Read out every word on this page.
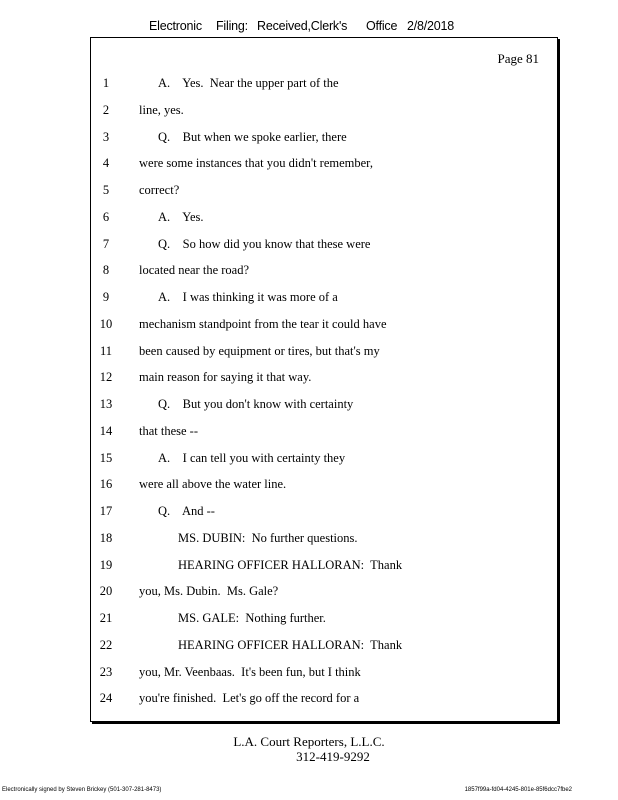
Electronic Filing: Received,Clerk's Office 2/8/2018
Page 81
1	A.    Yes.  Near the upper part of the
2	line, yes.
3	Q.    But when we spoke earlier, there
4	were some instances that you didn't remember,
5	correct?
6	A.    Yes.
7	Q.    So how did you know that these were
8	located near the road?
9	A.    I was thinking it was more of a
10	mechanism standpoint from the tear it could have
11	been caused by equipment or tires, but that's my
12	main reason for saying it that way.
13	Q.    But you don't know with certainty
14	that these --
15	A.    I can tell you with certainty they
16	were all above the water line.
17	Q.    And --
18	MS. DUBIN:  No further questions.
19	HEARING OFFICER HALLORAN:  Thank
20	you, Ms. Dubin.  Ms. Gale?
21	MS. GALE:  Nothing further.
22	HEARING OFFICER HALLORAN:  Thank
23	you, Mr. Veenbaas.  It's been fun, but I think
24	you're finished.  Let's go off the record for a
L.A. Court Reporters, L.L.C.
312-419-9292
Electronically signed by Steven Brickey (501-307-281-8473)	1857f99a-fd04-4245-801e-85f6dcc7fbe2
